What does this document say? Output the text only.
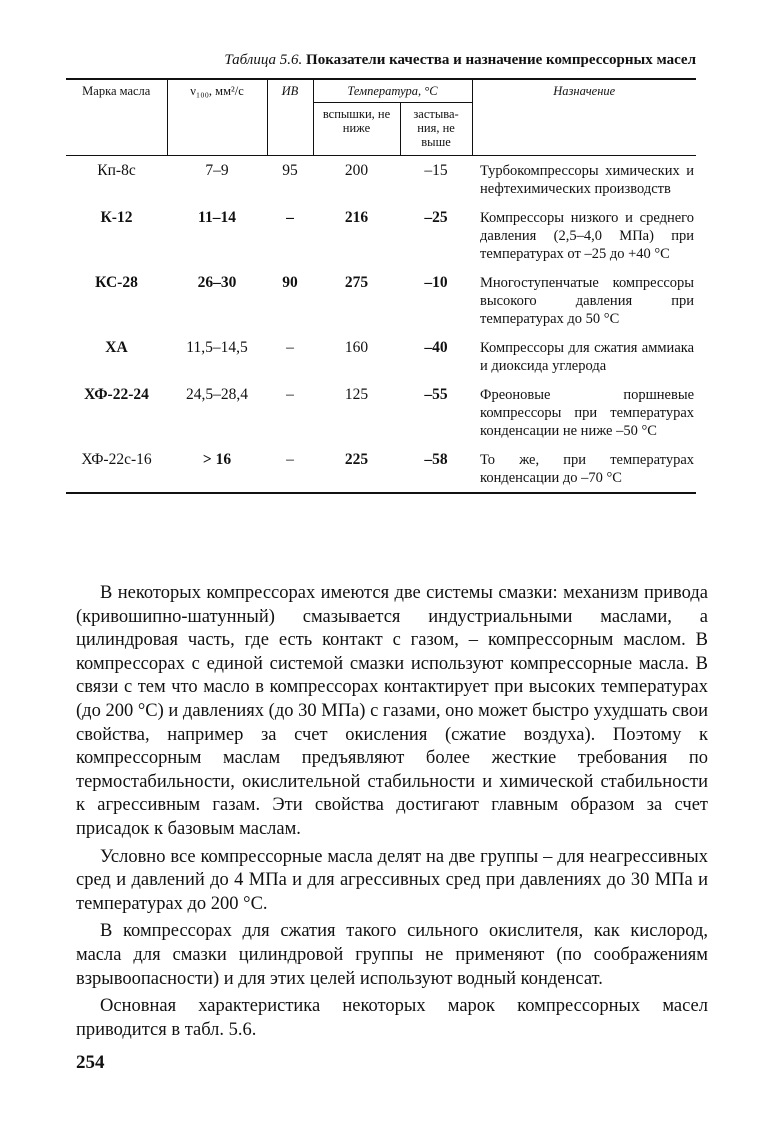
Таблица 5.6. Показатели качества и назначение компрессорных масел
Марка масла	ν₁₀₀, мм²/с	ИВ	Температура, °С		Назначение
			вспышки, не ниже	застыва-ния, не выше	
Кп-8с	7–9	95	200	–15	Турбокомпрессоры химических и нефтехимических производств
К-12	11–14	–	216	–25	Компрессоры низкого и среднего давления (2,5–4,0 МПа) при температурах от –25 до +40 °С
КС-28	26–30	90	275	–10	Многоступенчатые компрессоры высокого давления при температурах до 50 °С
ХА	11,5–14,5	–	160	–40	Компрессоры для сжатия аммиака и диоксида углерода
ХФ-22-24	24,5–28,4	–	125	–55	Фреоновые поршневые компрессоры при температурах конденсации не ниже –50 °С
ХФ-22с-16	> 16	–	225	–58	То же, при температурах конденсации до –70 °С

В некоторых компрессорах имеются две системы смазки: механизм привода (кривошипно-шатунный) смазывается индустриальными маслами, а цилиндровая часть, где есть контакт с газом, – компрессорным маслом. В компрессорах с единой системой смазки используют компрессорные масла. В связи с тем что масло в компрессорах контактирует при высоких температурах (до 200 °С) и давлениях (до 30 МПа) с газами, оно может быстро ухудшать свои свойства, например за счет окисления (сжатие воздуха). Поэтому к компрессорным маслам предъявляют более жесткие требования по термостабильности, окислительной стабильности и химической стабильности к агрессивным газам. Эти свойства достигают главным образом за счет присадок к базовым маслам.

Условно все компрессорные масла делят на две группы – для неагрессивных сред и давлений до 4 МПа и для агрессивных сред при давлениях до 30 МПа и температурах до 200 °С.

В компрессорах для сжатия такого сильного окислителя, как кислород, масла для смазки цилиндровой группы не применяют (по соображениям взрывоопасности) и для этих целей используют водный конденсат.

Основная характеристика некоторых марок компрессорных масел приводится в табл. 5.6.

254
